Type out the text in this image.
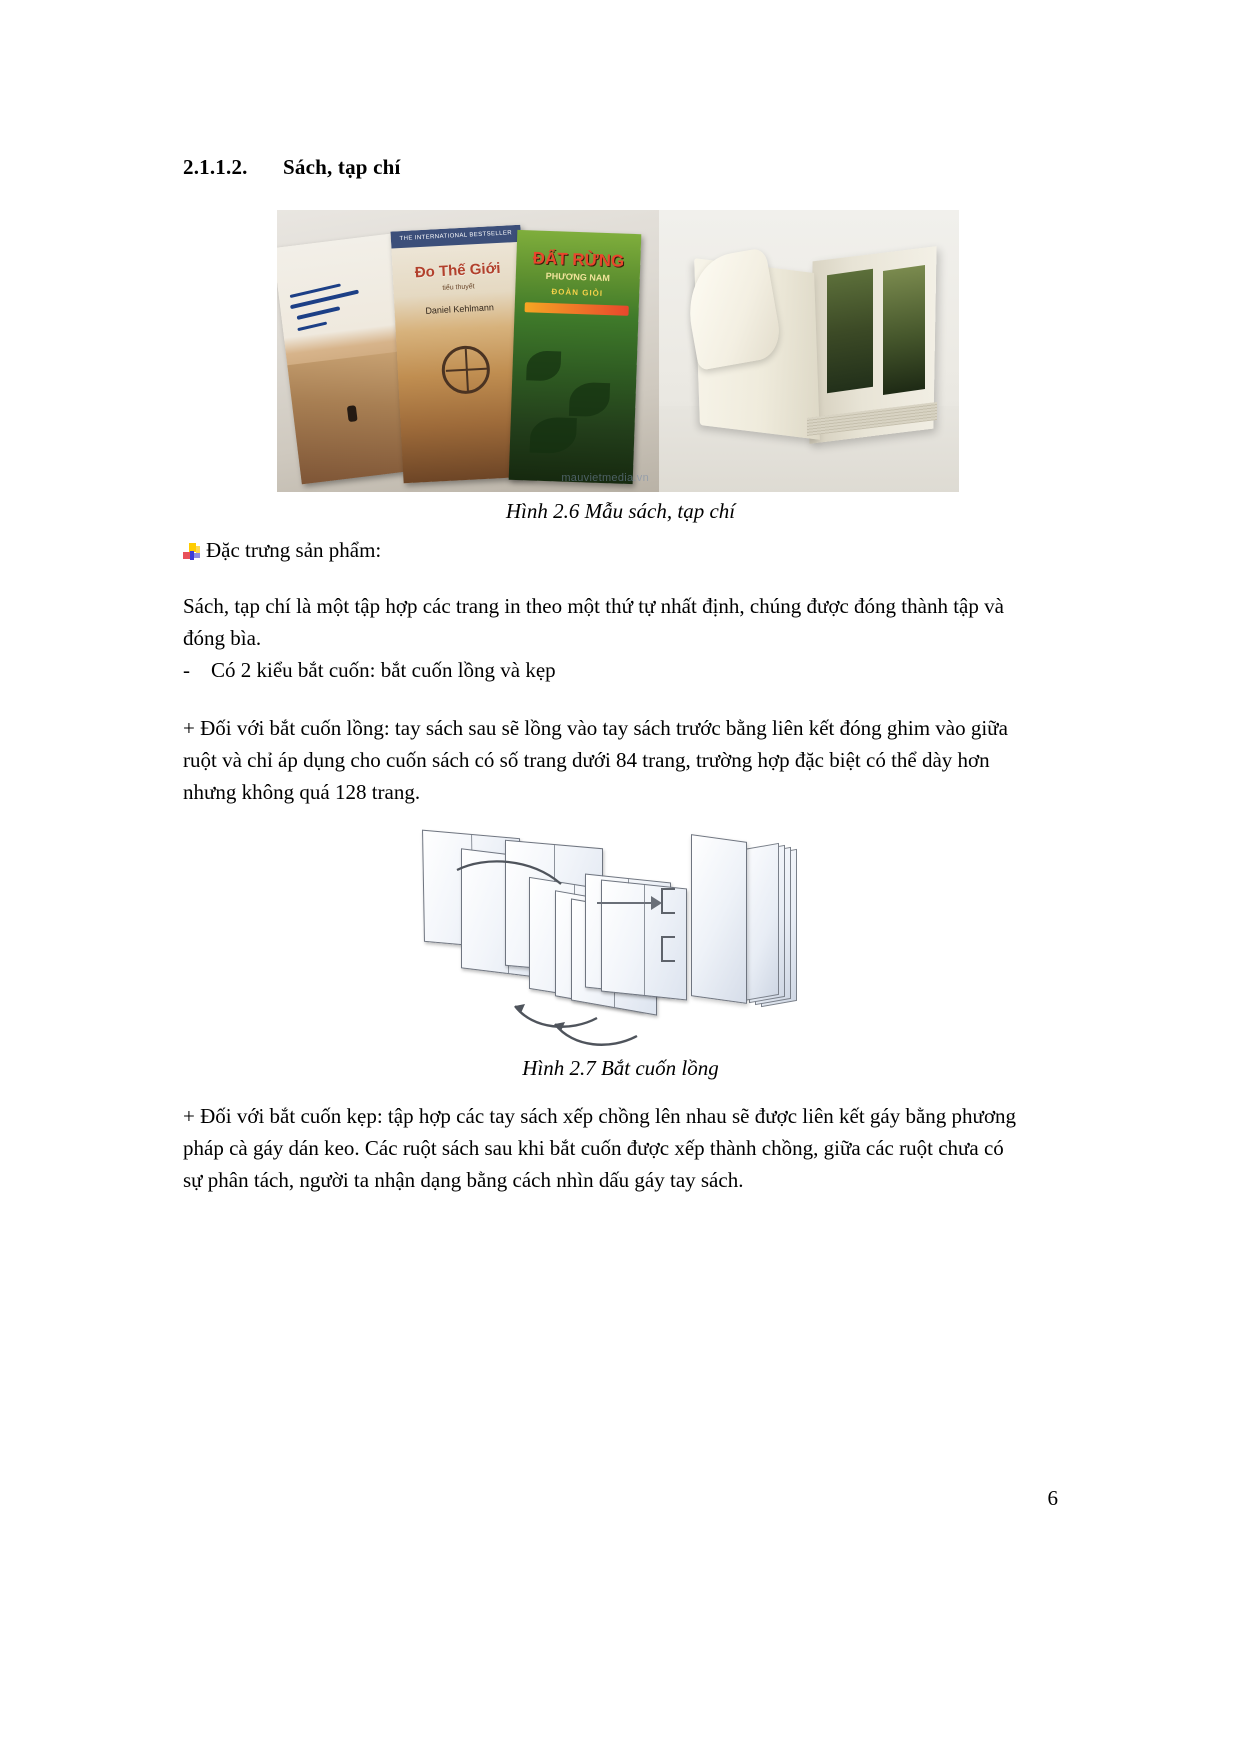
2.1.1.2. Sách, tạp chí
THE INTERNATIONAL BESTSELLER
Đo Thế Giới
tiểu thuyết
Daniel Kehlmann
ĐẤT RỪNG
PHƯƠNG NAM
ĐOÀN GIỎI
mauvietmedia.vn
Hình 2.6 Mẫu sách, tạp chí
Đặc trưng sản phẩm:

Sách, tạp chí là một tập hợp các trang in theo một thứ tự nhất định, chúng được đóng thành tập và đóng bìa.

- Có 2 kiểu bắt cuốn: bắt cuốn lồng và kẹp

+ Đối với bắt cuốn lồng: tay sách sau sẽ lồng vào tay sách trước bằng liên kết đóng ghim vào giữa ruột và chỉ áp dụng cho cuốn sách có số trang dưới 84 trang, trường hợp đặc biệt có thể dày hơn nhưng không quá 128 trang.

Hình 2.7 Bắt cuốn lồng

+ Đối với bắt cuốn kẹp: tập hợp các tay sách xếp chồng lên nhau sẽ được liên kết gáy bằng phương pháp cà gáy dán keo. Các ruột sách sau khi bắt cuốn được xếp thành chồng, giữa các ruột chưa có sự phân tách, người ta nhận dạng bằng cách nhìn dấu gáy tay sách.

6
